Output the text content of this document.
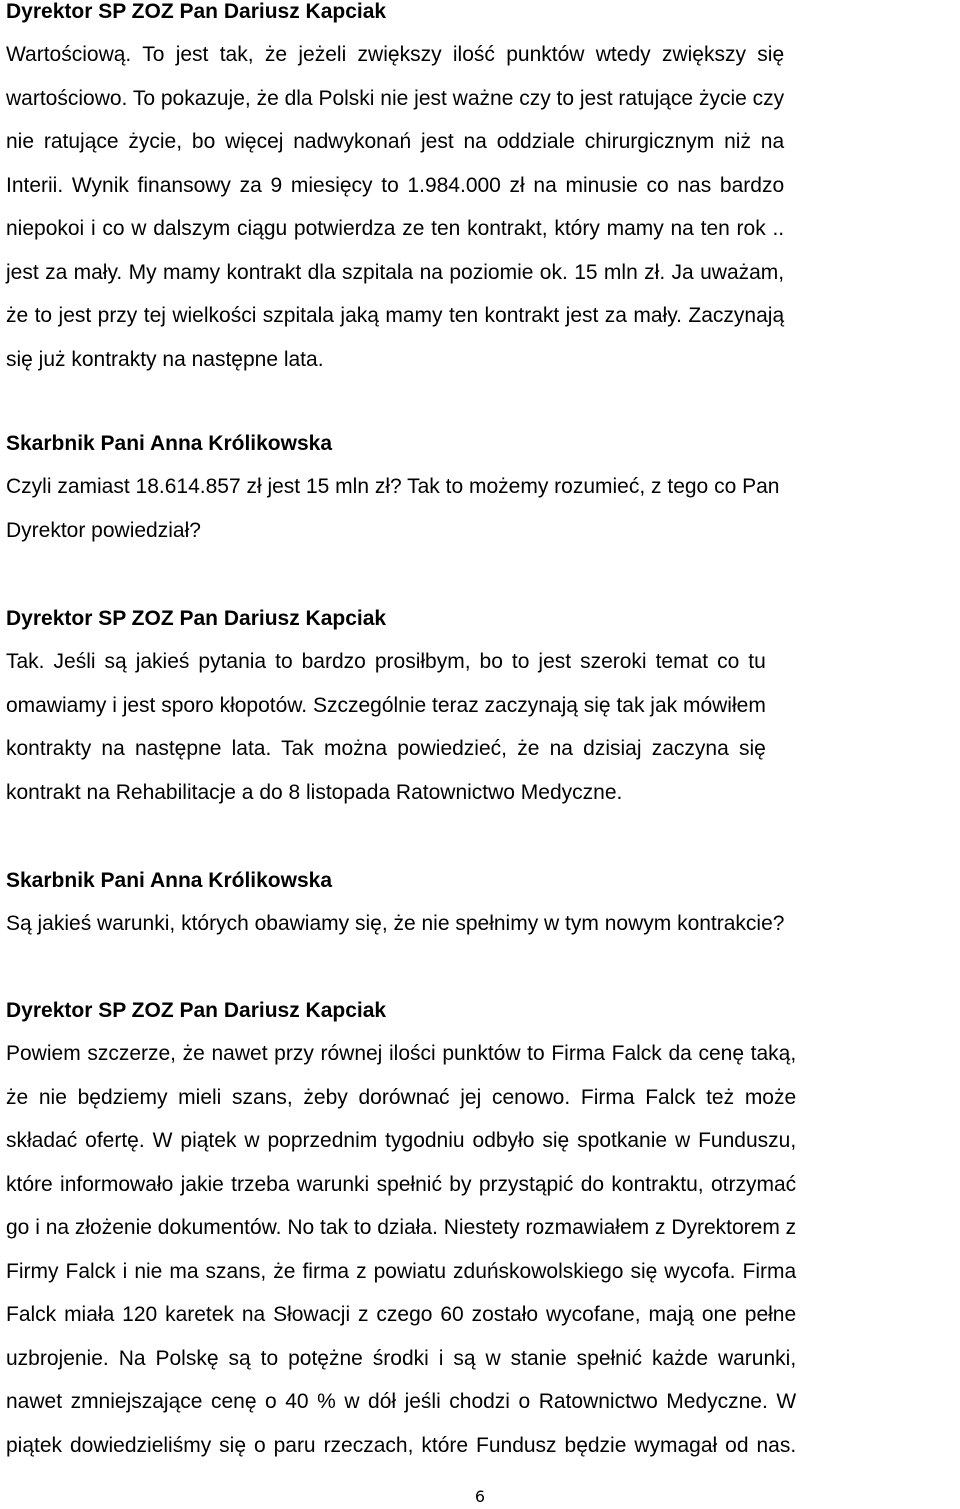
Dyrektor SP ZOZ Pan Dariusz Kapciak
Wartościową. To jest tak, że jeżeli zwiększy ilość punktów wtedy zwiększy się
wartościowo. To pokazuje, że dla Polski nie jest ważne czy to jest ratujące życie czy
nie ratujące życie, bo więcej nadwykonań jest na oddziale chirurgicznym niż na
Interii. Wynik finansowy za 9 miesięcy to 1.984.000 zł na minusie co nas bardzo
niepokoi i co w dalszym ciągu potwierdza ze ten kontrakt, który mamy na ten rok ..
jest za mały. My mamy kontrakt dla szpitala na poziomie ok. 15 mln zł. Ja uważam,
że to jest przy tej wielkości szpitala jaką mamy ten kontrakt jest za mały. Zaczynają
się już kontrakty na następne lata.
Skarbnik Pani Anna Królikowska
Czyli zamiast 18.614.857 zł jest 15 mln zł? Tak to możemy rozumieć, z tego co Pan
Dyrektor powiedział?
Dyrektor SP ZOZ Pan Dariusz Kapciak
Tak. Jeśli są jakieś pytania to bardzo prosiłbym, bo to jest szeroki temat co tu
omawiamy i jest sporo kłopotów. Szczególnie teraz zaczynają się tak jak mówiłem
kontrakty na następne lata. Tak można powiedzieć, że na dzisiaj zaczyna się
kontrakt na Rehabilitacje a do 8 listopada Ratownictwo Medyczne.
Skarbnik Pani Anna Królikowska
Są jakieś warunki, których obawiamy się, że nie spełnimy w tym nowym kontrakcie?
Dyrektor SP ZOZ Pan Dariusz Kapciak
Powiem szczerze, że nawet przy równej ilości punktów to Firma Falck da cenę taką,
że nie będziemy mieli szans, żeby dorównać jej cenowo. Firma Falck też może
składać ofertę. W piątek w poprzednim tygodniu odbyło się spotkanie w Funduszu,
które informowało jakie trzeba warunki spełnić by przystąpić do kontraktu, otrzymać
go i na złożenie dokumentów. No tak to działa. Niestety rozmawiałem z Dyrektorem z
Firmy Falck i nie ma szans, że firma z powiatu zduńskowolskiego się wycofa. Firma
Falck miała 120 karetek na Słowacji z czego 60 zostało wycofane, mają one pełne
uzbrojenie. Na Polskę są to potężne środki i są w stanie spełnić każde warunki,
nawet zmniejszające cenę o 40 % w dół jeśli chodzi o Ratownictwo Medyczne. W
piątek dowiedzieliśmy się o paru rzeczach, które Fundusz będzie wymagał od nas.
6
